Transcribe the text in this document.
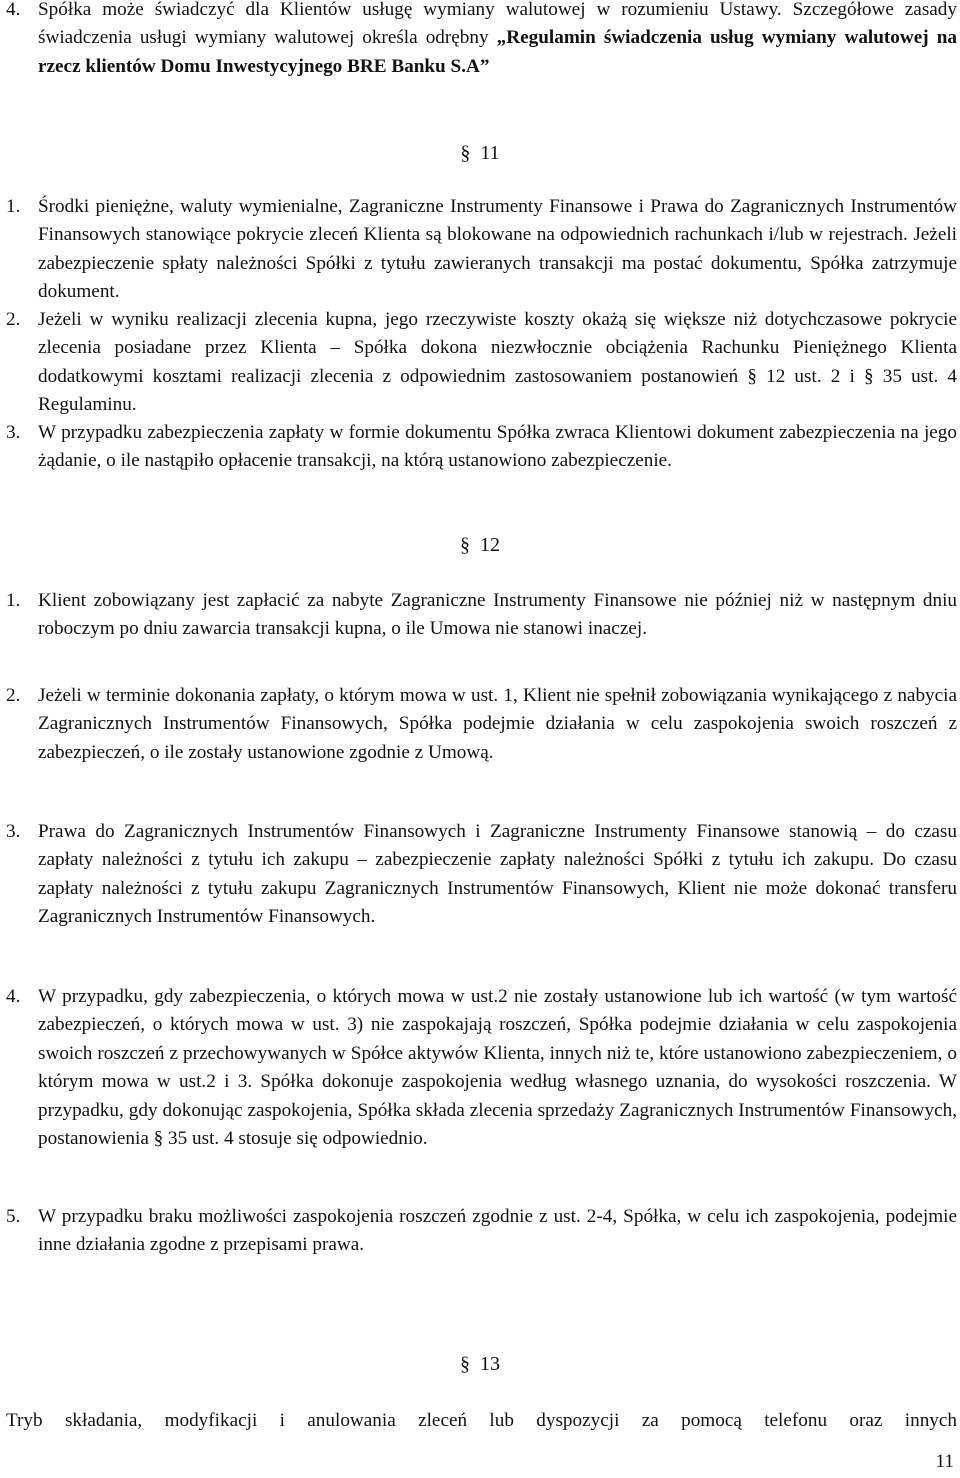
4. Spółka może świadczyć dla Klientów usługę wymiany walutowej w rozumieniu Ustawy. Szczegółowe zasady świadczenia usługi wymiany walutowej określa odrębny „Regulamin świadczenia usług wymiany walutowej na rzecz klientów Domu Inwestycyjnego BRE Banku S.A”
§ 11
1. Środki pieniężne, waluty wymienialne, Zagraniczne Instrumenty Finansowe i Prawa do Zagranicznych Instrumentów Finansowych stanowiące pokrycie zleceń Klienta są blokowane na odpowiednich rachunkach i/lub w rejestrach. Jeżeli zabezpieczenie spłaty należności Spółki z tytułu zawieranych transakcji ma postać dokumentu, Spółka zatrzymuje dokument.
2. Jeżeli w wyniku realizacji zlecenia kupna, jego rzeczywiste koszty okażą się większe niż dotychczasowe pokrycie zlecenia posiadane przez Klienta – Spółka dokona niezwłocznie obciążenia Rachunku Pieniężnego Klienta dodatkowymi kosztami realizacji zlecenia z odpowiednim zastosowaniem postanowień § 12 ust. 2 i § 35 ust. 4 Regulaminu.
3. W przypadku zabezpieczenia zapłaty w formie dokumentu Spółka zwraca Klientowi dokument zabezpieczenia na jego żądanie, o ile nastąpiło opłacenie transakcji, na którą ustanowiono zabezpieczenie.
§ 12
1. Klient zobowiązany jest zapłacić za nabyte Zagraniczne Instrumenty Finansowe nie później niż w następnym dniu roboczym po dniu zawarcia transakcji kupna, o ile Umowa nie stanowi inaczej.
2. Jeżeli w terminie dokonania zapłaty, o którym mowa w ust. 1, Klient nie spełnił zobowiązania wynikającego z nabycia Zagranicznych Instrumentów Finansowych, Spółka podejmie działania w celu zaspokojenia swoich roszczeń z zabezpieczeń, o ile zostały ustanowione zgodnie z Umową.
3. Prawa do Zagranicznych Instrumentów Finansowych i Zagraniczne Instrumenty Finansowe stanowią – do czasu zapłaty należności z tytułu ich zakupu – zabezpieczenie zapłaty należności Spółki z tytułu ich zakupu. Do czasu zapłaty należności z tytułu zakupu Zagranicznych Instrumentów Finansowych, Klient nie może dokonać transferu Zagranicznych Instrumentów Finansowych.
4. W przypadku, gdy zabezpieczenia, o których mowa w ust.2 nie zostały ustanowione lub ich wartość (w tym wartość zabezpieczeń, o których mowa w ust. 3) nie zaspokajają roszczeń, Spółka podejmie działania w celu zaspokojenia swoich roszczeń z przechowywanych w Spółce aktywów Klienta, innych niż te, które ustanowiono zabezpieczeniem, o którym mowa w ust.2 i 3. Spółka dokonuje zaspokojenia według własnego uznania, do wysokości roszczenia. W przypadku, gdy dokonując zaspokojenia, Spółka składa zlecenia sprzedaży Zagranicznych Instrumentów Finansowych, postanowienia § 35 ust. 4 stosuje się odpowiednio.
5. W przypadku braku możliwości zaspokojenia roszczeń zgodnie z ust. 2-4, Spółka, w celu ich zaspokojenia, podejmie inne działania zgodne z przepisami prawa.
§ 13
Tryb składania, modyfikacji i anulowania zleceń lub dyspozycji za pomocą telefonu oraz innych
11
